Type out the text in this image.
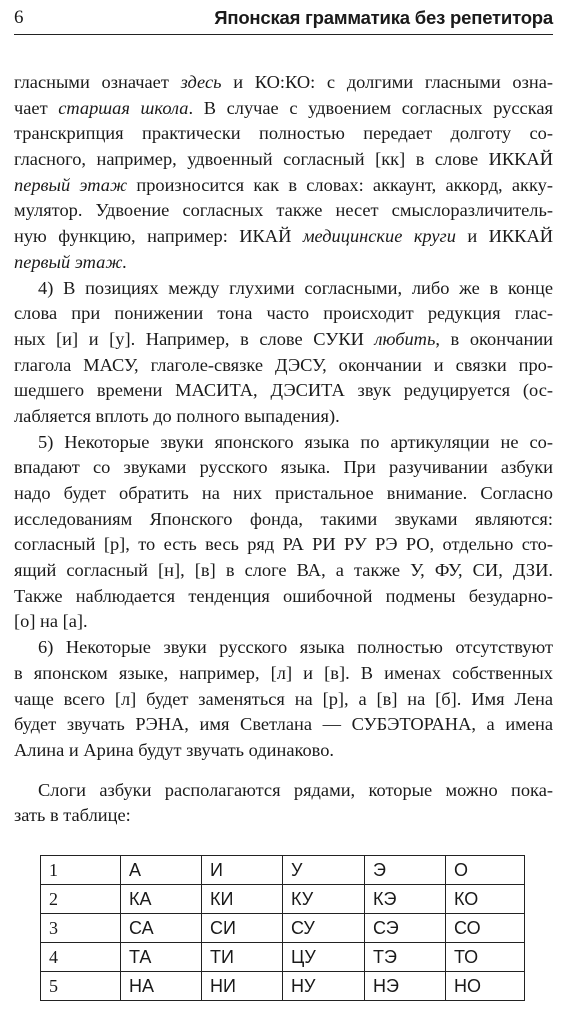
6	Японская грамматика без репетитора
гласными означает здесь и КО:КО: с долгими гласными озна-
чает старшая школа. В случае с удвоением согласных русская
транскрипция практически полностью передает долготу со-
гласного, например, удвоенный согласный [кк] в слове ИККАЙ
первый этаж произносится как в словах: аккаунт, аккорд, акку-
мулятор. Удвоение согласных также несет смыслоразличитель-
ную функцию, например: ИКАЙ медицинские круги и ИККАЙ
первый этаж.
4) В позициях между глухими согласными, либо же в конце
слова при понижении тона часто происходит редукция глас-
ных [и] и [у]. Например, в слове СУКИ любить, в окончании
глагола МАСУ, глаголе-связке ДЭСУ, окончании и связки про-
шедшего времени МАСИТА, ДЭСИТА звук редуцируется (ос-
лабляется вплоть до полного выпадения).
5) Некоторые звуки японского языка по артикуляции не со-
впадают со звуками русского языка. При разучивании азбуки
надо будет обратить на них пристальное внимание. Согласно
исследованиям Японского фонда, такими звуками являются:
согласный [р], то есть весь ряд РА РИ РУ РЭ РО, отдельно сто-
ящий согласный [н], [в] в слоге ВА, а также У, ФУ, СИ, ДЗИ.
Также наблюдается тенденция ошибочной подмены безударно-
[о] на [а].
6) Некоторые звуки русского языка полностью отсутствуют
в японском языке, например, [л] и [в]. В именах собственных
чаще всего [л] будет заменяться на [р], а [в] на [б]. Имя Лена
будет звучать РЭНА, имя Светлана — СУБЭТОРАНА, а имена
Алина и Арина будут звучать одинаково.
Слоги азбуки располагаются рядами, которые можно пока-
зать в таблице:
1	А	И	У	Э	О
2	КА	КИ	КУ	КЭ	КО
3	СА	СИ	СУ	СЭ	СО
4	ТА	ТИ	ЦУ	ТЭ	ТО
5	НА	НИ	НУ	НЭ	НО
